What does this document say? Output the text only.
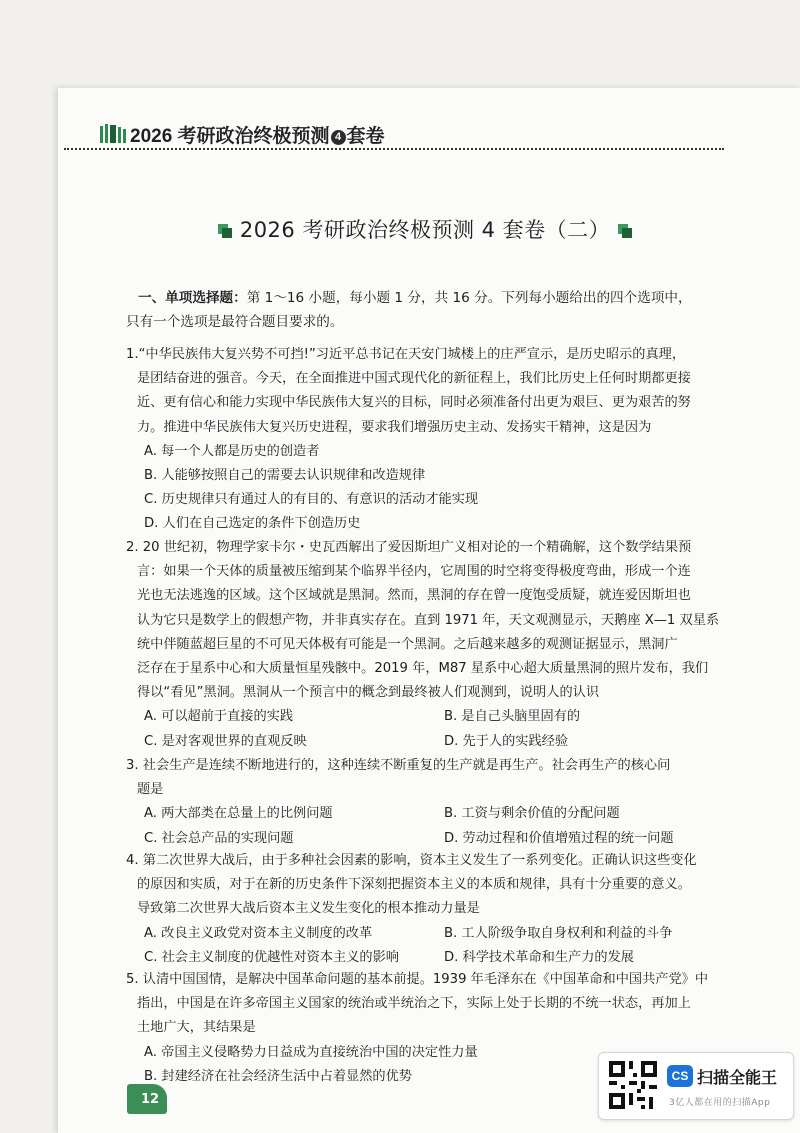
2026 考研政治终极预测 4 套卷
2026 考研政治终极预测 4 套卷（二）
一、单项选择题：第 1～16 小题，每小题 1 分，共 16 分。下列每小题给出的四个选项中，
只有一个选项是最符合题目要求的。
1.“中华民族伟大复兴势不可挡!”习近平总书记在天安门城楼上的庄严宣示，是历史昭示的真理，
是团结奋进的强音。今天，在全面推进中国式现代化的新征程上，我们比历史上任何时期都更接
近、更有信心和能力实现中华民族伟大复兴的目标，同时必须准备付出更为艰巨、更为艰苦的努
力。推进中华民族伟大复兴历史进程，要求我们增强历史主动、发扬实干精神，这是因为
A. 每一个人都是历史的创造者
B. 人能够按照自己的需要去认识规律和改造规律
C. 历史规律只有通过人的有目的、有意识的活动才能实现
D. 人们在自己选定的条件下创造历史
2. 20 世纪初，物理学家卡尔・史瓦西解出了爱因斯坦广义相对论的一个精确解，这个数学结果预
言：如果一个天体的质量被压缩到某个临界半径内，它周围的时空将变得极度弯曲，形成一个连
光也无法逃逸的区域。这个区域就是黑洞。然而，黑洞的存在曾一度饱受质疑，就连爱因斯坦也
认为它只是数学上的假想产物，并非真实存在。直到 1971 年，天文观测显示，天鹅座 X—1 双星系
统中伴随蓝超巨星的不可见天体极有可能是一个黑洞。之后越来越多的观测证据显示，黑洞广
泛存在于星系中心和大质量恒星残骸中。2019 年，M87 星系中心超大质量黑洞的照片发布，我们
得以“看见”黑洞。黑洞从一个预言中的概念到最终被人们观测到，说明人的认识
A. 可以超前于直接的实践	B. 是自己头脑里固有的
C. 是对客观世界的直观反映	D. 先于人的实践经验
3. 社会生产是连续不断地进行的，这种连续不断重复的生产就是再生产。社会再生产的核心问
题是
A. 两大部类在总量上的比例问题	B. 工资与剩余价值的分配问题
C. 社会总产品的实现问题	D. 劳动过程和价值增殖过程的统一问题
4. 第二次世界大战后，由于多种社会因素的影响，资本主义发生了一系列变化。正确认识这些变化
的原因和实质，对于在新的历史条件下深刻把握资本主义的本质和规律，具有十分重要的意义。
导致第二次世界大战后资本主义发生变化的根本推动力量是
A. 改良主义政党对资本主义制度的改革	B. 工人阶级争取自身权利和利益的斗争
C. 社会主义制度的优越性对资本主义的影响	D. 科学技术革命和生产力的发展
5. 认清中国国情，是解决中国革命问题的基本前提。1939 年毛泽东在《中国革命和中国共产党》中
指出，中国是在许多帝国主义国家的统治或半统治之下，实际上处于长期的不统一状态，再加上
土地广大，其结果是
A. 帝国主义侵略势力日益成为直接统治中国的决定性力量
B. 封建经济在社会经济生活中占着显然的优势
12
CS 扫描全能王
3亿人都在用的扫描App
